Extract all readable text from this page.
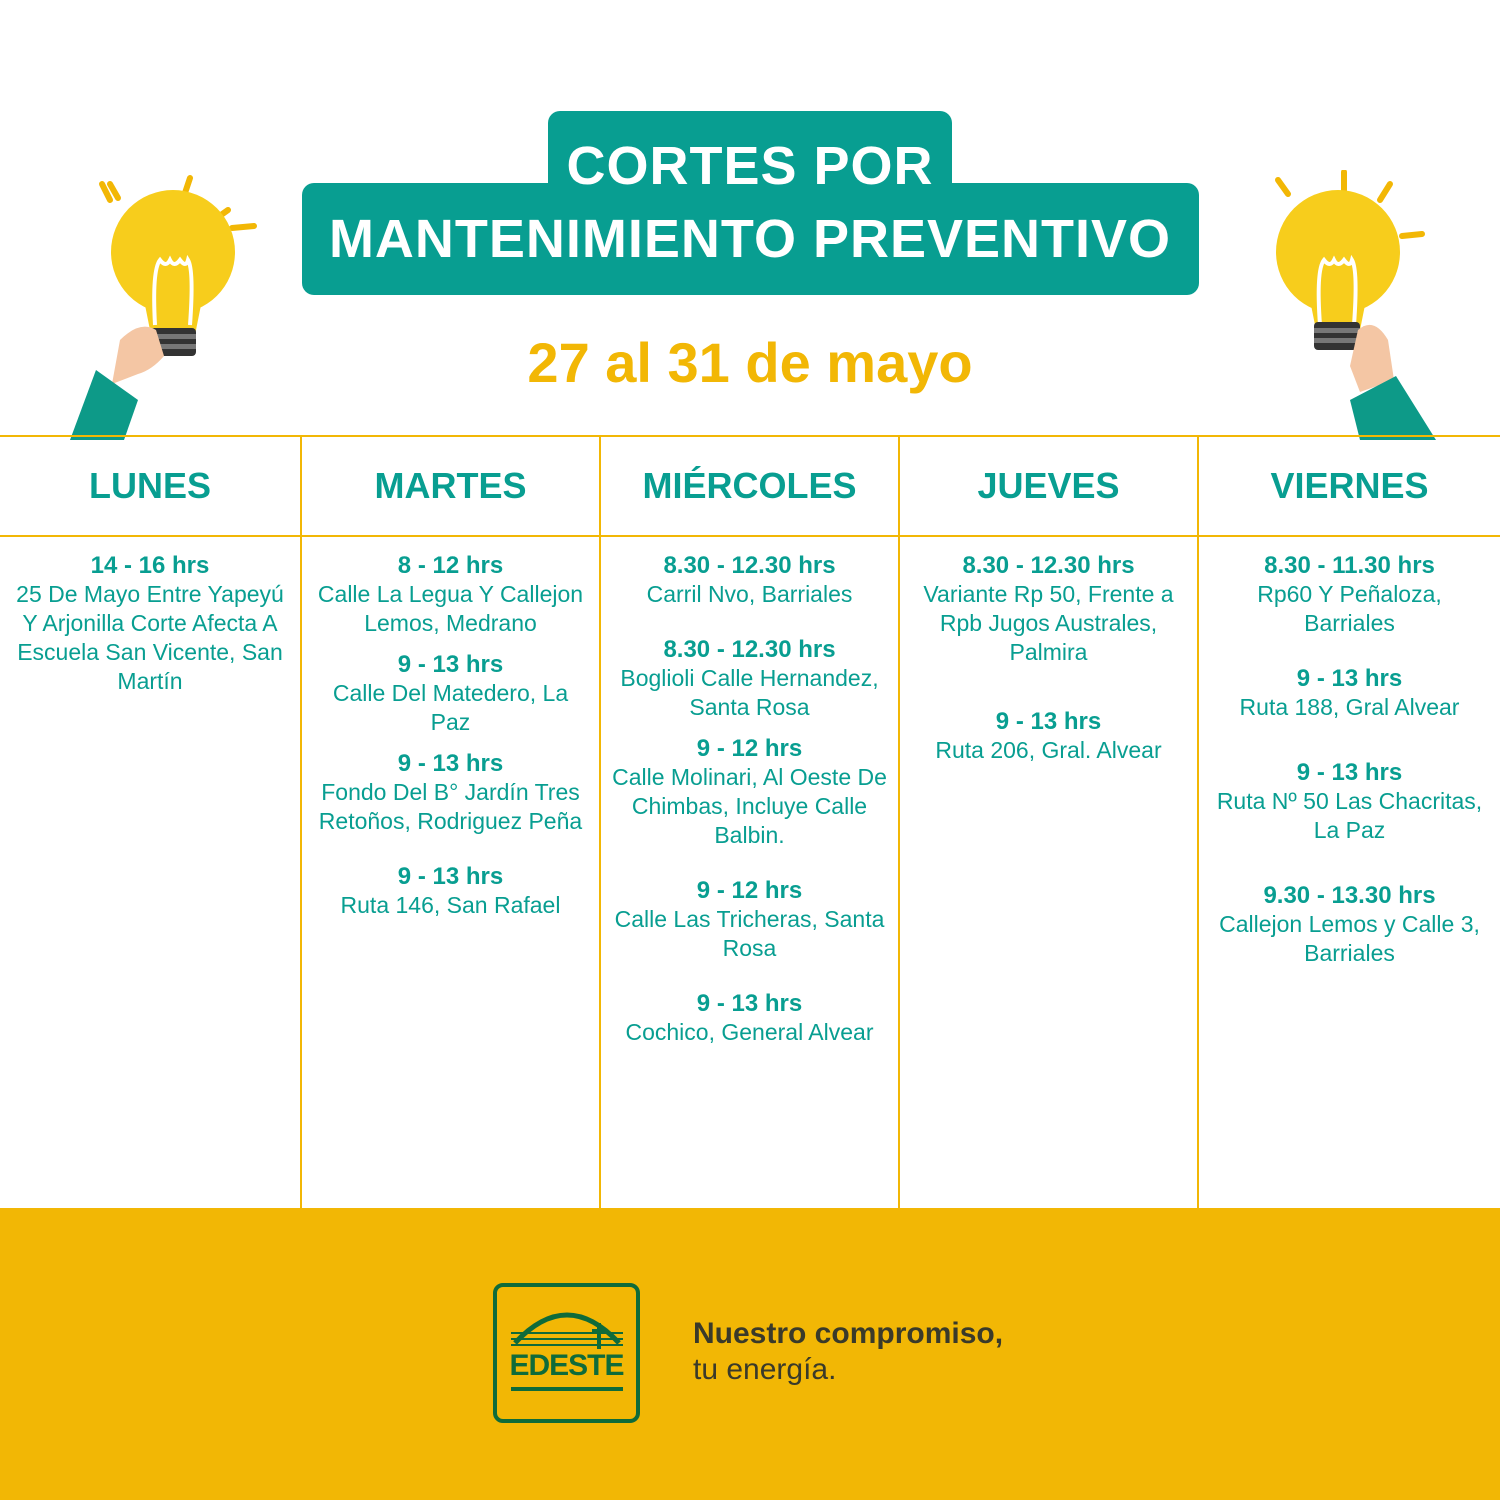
CORTES POR
MANTENIMIENTO PREVENTIVO
27 al 31 de mayo
LUNES
14 - 16 hrs
25 De Mayo Entre Yapeyú Y Arjonilla Corte Afecta A Escuela San Vicente, San Martín
MARTES
8 - 12 hrs
Calle La Legua Y Callejon Lemos, Medrano
9 - 13 hrs
Calle Del Matedero, La Paz
9 - 13 hrs
Fondo Del B° Jardín Tres Retoños, Rodriguez Peña
9 - 13 hrs
Ruta 146, San Rafael
MIÉRCOLES
8.30 - 12.30 hrs
Carril Nvo, Barriales
8.30 - 12.30 hrs
Boglioli Calle Hernandez, Santa Rosa
9 - 12 hrs
Calle Molinari, Al Oeste De Chimbas, Incluye Calle Balbin.
9 - 12 hrs
Calle Las Tricheras, Santa Rosa
9 - 13 hrs
Cochico, General Alvear
JUEVES
8.30 - 12.30 hrs
Variante Rp 50, Frente a Rpb Jugos Australes, Palmira
9 - 13 hrs
Ruta 206, Gral. Alvear
VIERNES
8.30 - 11.30 hrs
Rp60 Y Peñaloza, Barriales
9 - 13 hrs
Ruta 188, Gral Alvear
9 - 13 hrs
Ruta Nº 50 Las Chacritas, La Paz
9.30 - 13.30 hrs
Callejon Lemos y Calle 3, Barriales
EDESTE
Nuestro compromiso,
tu energía.
